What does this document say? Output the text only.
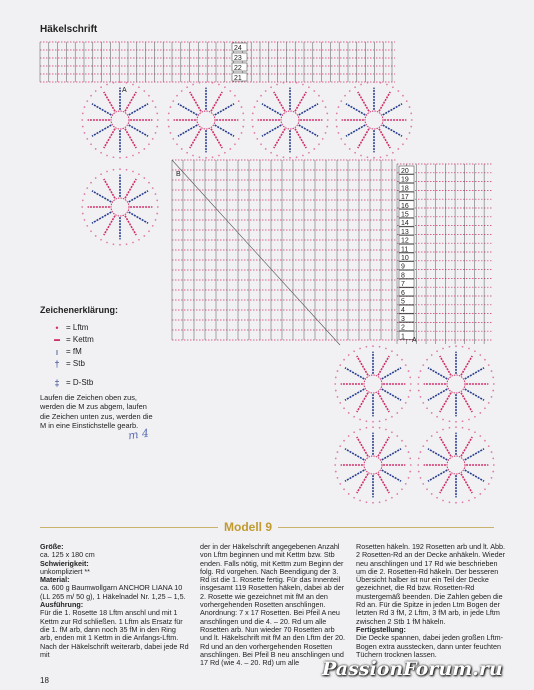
Häkelschrift
24
23
22
21
20
19
18
17
16
15
14
13
12
11
10
9
8
7
6
5
4
3
2
1
A
B
A
Zeichenerklärung:
• = Lftm
▬ = Kettm
ı = fM
† = Stb
‡ = D-Stb
Laufen die Zeichen oben zus, werden die M zus abgem, laufen die Zeichen unten zus, werden die M in eine Einstichstelle gearb.
m 4
Modell 9

Größe:

ca. 125 x 180 cm

Schwierigkeit:

unkompliziert **

Material:

ca. 600 g Baumwollgarn ANCHOR LIANA 10 (LL 265 m/ 50 g), 1 Häkelnadel Nr. 1,25 – 1,5.

Ausführung:

Für die 1. Rosette 18 Lftm anschl und mit 1 Kettm zur Rd schließen. 1 Lftm als Ersatz für die 1. fM arb, dann noch 35 fM in den Ring arb, enden mit 1 Kettm in die Anfangs-Lftm. Nach der Häkelschrift weiterarb, dabei jede Rd mit

der in der Häkelschrift angegebenen Anzahl von Lftm beginnen und mit Kettm bzw. Stb enden. Falls nötig, mit Kettm zum Beginn der folg. Rd vorgehen. Nach Beendigung der 3. Rd ist die 1. Rosette fertig. Für das Innenteil insgesamt 119 Rosetten häkeln, dabei ab der 2. Rosette wie gezeichnet mit fM an den vorhergehenden Rosetten anschlingen. Anordnung: 7 x 17 Rosetten. Bei Pfeil A neu anschlingen und die 4. – 20. Rd um alle Rosetten arb. Nun wieder 70 Rosetten arb und lt. Häkelschrift mit fM an den Lftm der 20. Rd und an den vorhergehenden Rosetten anschlingen. Bei Pfeil B neu anschlingen und 17 Rd (wie 4. – 20. Rd) um alle

Rosetten häkeln. 192 Rosetten arb und lt. Abb. 2 Rosetten-Rd an der Decke anhäkeln. Wieder neu anschlingen und 17 Rd wie beschrieben um die 2. Rosetten-Rd häkeln. Der besseren Übersicht halber ist nur ein Teil der Decke gezeichnet, die Rd bzw. Rosetten-Rd mustergemäß beenden. Die Zahlen geben die Rd an. Für die Spitze in jeden Ltm Bogen der letzten Rd 3 fM, 2 Lftm, 3 fM arb, in jede Lftm zwischen 2 Stb 1 fM häkeln.

Fertigstellung:

Die Decke spannen, dabei jeden großen Lftm-Bogen extra ausstecken, dann unter feuchten Tüchern trocknen lassen.

18
PassionForum.ru
